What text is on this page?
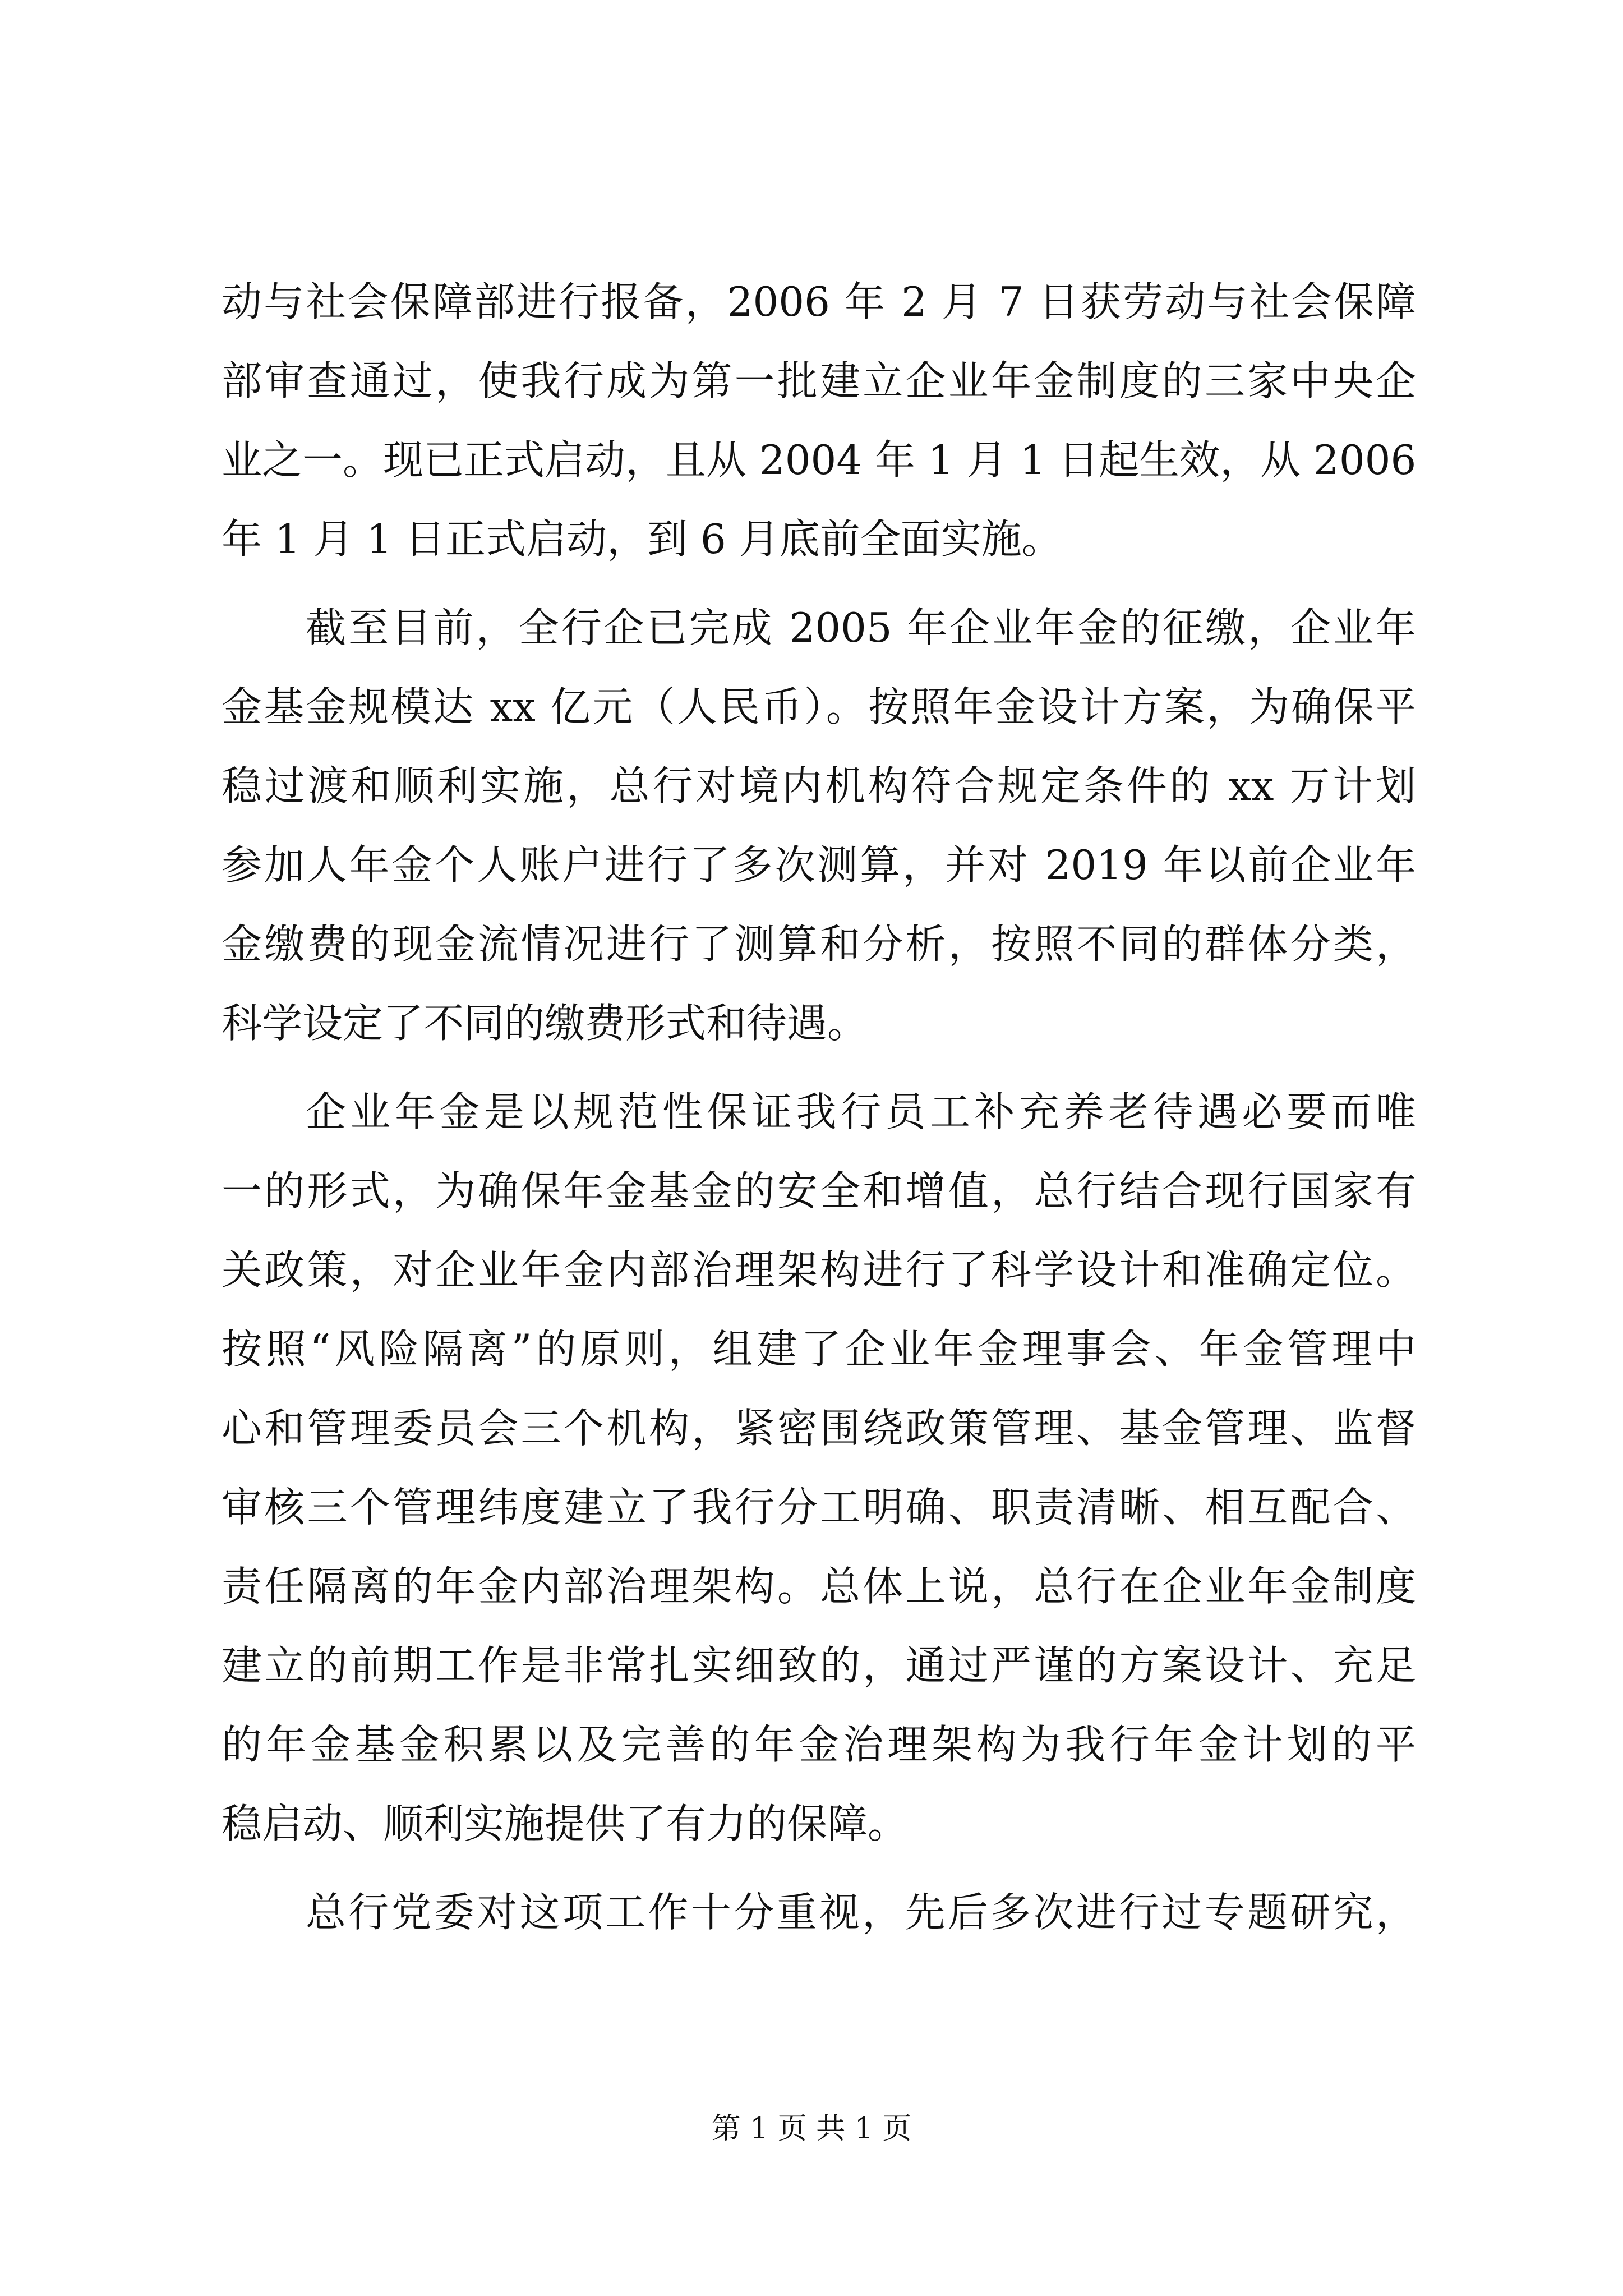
动与社会保障部进行报备，2006 年 2 月 7 日获劳动与社会保障
部审查通过，使我行成为第一批建立企业年金制度的三家中央企
业之一。现已正式启动，且从 2004 年 1 月 1 日起生效，从 2006
年 1 月 1 日正式启动，到 6 月底前全面实施。
截至目前，全行企已完成 2005 年企业年金的征缴，企业年
金基金规模达 xx 亿元（人民币）。按照年金设计方案，为确保平
稳过渡和顺利实施，总行对境内机构符合规定条件的 xx 万计划
参加人年金个人账户进行了多次测算，并对 2019 年以前企业年
金缴费的现金流情况进行了测算和分析，按照不同的群体分类，
科学设定了不同的缴费形式和待遇。
企业年金是以规范性保证我行员工补充养老待遇必要而唯
一的形式，为确保年金基金的安全和增值，总行结合现行国家有
关政策，对企业年金内部治理架构进行了科学设计和准确定位。
按照“风险隔离”的原则，组建了企业年金理事会、年金管理中
心和管理委员会三个机构，紧密围绕政策管理、基金管理、监督
审核三个管理纬度建立了我行分工明确、职责清晰、相互配合、
责任隔离的年金内部治理架构。总体上说，总行在企业年金制度
建立的前期工作是非常扎实细致的，通过严谨的方案设计、充足
的年金基金积累以及完善的年金治理架构为我行年金计划的平
稳启动、顺利实施提供了有力的保障。
总行党委对这项工作十分重视，先后多次进行过专题研究，
第 1 页 共 1 页
